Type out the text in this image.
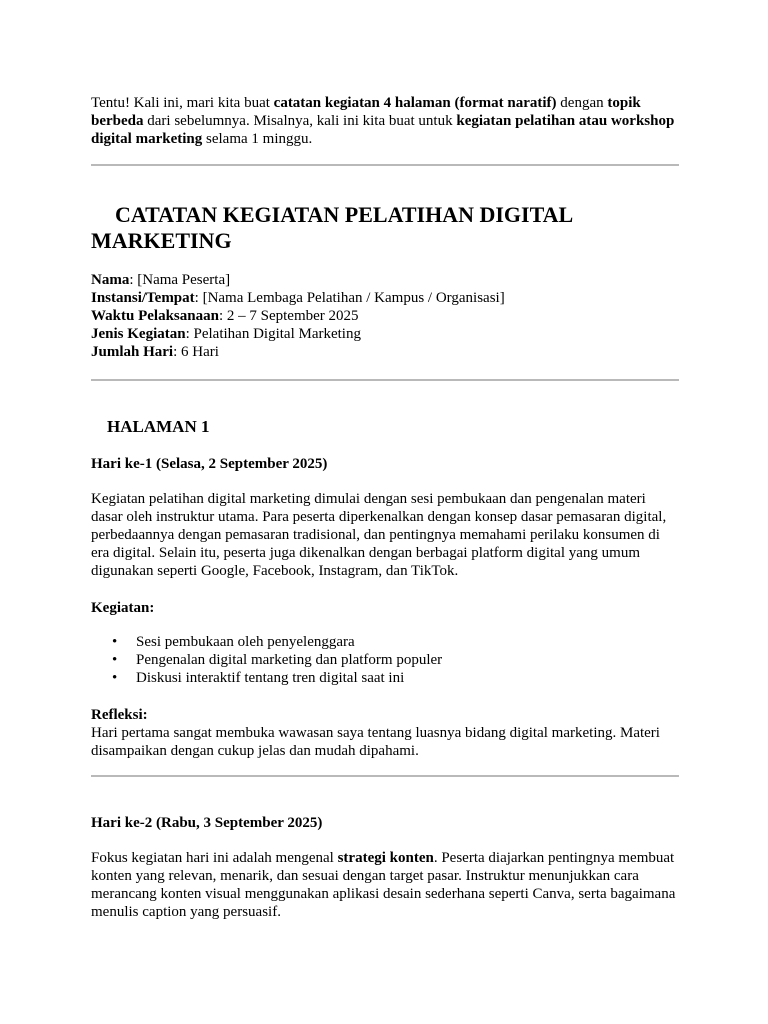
Tentu! Kali ini, mari kita buat catatan kegiatan 4 halaman (format naratif) dengan topik berbeda dari sebelumnya. Misalnya, kali ini kita buat untuk kegiatan pelatihan atau workshop digital marketing selama 1 minggu.

CATATAN KEGIATAN PELATIHAN DIGITAL
MARKETING
Nama: [Nama Peserta]
Instansi/Tempat: [Nama Lembaga Pelatihan / Kampus / Organisasi]
Waktu Pelaksanaan: 2 – 7 September 2025
Jenis Kegiatan: Pelatihan Digital Marketing
Jumlah Hari: 6 Hari
HALAMAN 1

Hari ke-1 (Selasa, 2 September 2025)

Kegiatan pelatihan digital marketing dimulai dengan sesi pembukaan dan pengenalan materi dasar oleh instruktur utama. Para peserta diperkenalkan dengan konsep dasar pemasaran digital, perbedaannya dengan pemasaran tradisional, dan pentingnya memahami perilaku konsumen di era digital. Selain itu, peserta juga dikenalkan dengan berbagai platform digital yang umum digunakan seperti Google, Facebook, Instagram, dan TikTok.

Kegiatan:

• Sesi pembukaan oleh penyelenggara
• Pengenalan digital marketing dan platform populer
• Diskusi interaktif tentang tren digital saat ini

Refleksi:

Hari pertama sangat membuka wawasan saya tentang luasnya bidang digital marketing. Materi disampaikan dengan cukup jelas dan mudah dipahami.

Hari ke-2 (Rabu, 3 September 2025)

Fokus kegiatan hari ini adalah mengenal strategi konten. Peserta diajarkan pentingnya membuat konten yang relevan, menarik, dan sesuai dengan target pasar. Instruktur menunjukkan cara merancang konten visual menggunakan aplikasi desain sederhana seperti Canva, serta bagaimana menulis caption yang persuasif.
